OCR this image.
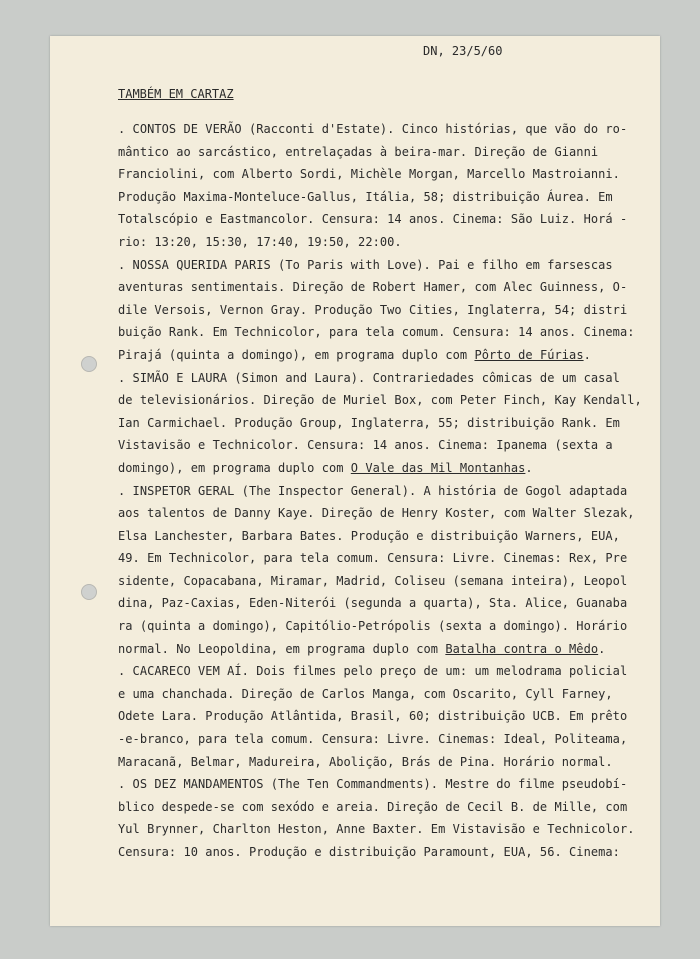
DN, 23/5/60
TAMBÉM EM CARTAZ
. CONTOS DE VERÃO (Racconti d'Estate). Cinco histórias, que vão do ro-
mântico ao sarcástico, entrelaçadas à beira-mar. Direção de Gianni
Franciolini, com Alberto Sordi, Michèle Morgan, Marcello Mastroianni.
Produção Maxima-Monteluce-Gallus, Itália, 58; distribuição Áurea. Em
Totalscópio e Eastmancolor. Censura: 14 anos. Cinema: São Luiz. Horá -
rio: 13:20, 15:30, 17:40, 19:50, 22:00.
. NOSSA QUERIDA PARIS (To Paris with Love). Pai e filho em farsescas
aventuras sentimentais. Direção de Robert Hamer, com Alec Guinness, O-
dile Versois, Vernon Gray. Produção Two Cities, Inglaterra, 54; distri
buição Rank. Em Technicolor, para tela comum. Censura: 14 anos. Cinema:
Pirajá (quinta a domingo), em programa duplo com Pôrto de Fúrias.
. SIMÃO E LAURA (Simon and Laura). Contrariedades cômicas de um casal
de televisionários. Direção de Muriel Box, com Peter Finch, Kay Kendall,
Ian Carmichael. Produção Group, Inglaterra, 55; distribuição Rank. Em
Vistavisão e Technicolor. Censura: 14 anos. Cinema: Ipanema (sexta a
domingo), em programa duplo com O Vale das Mil Montanhas.
. INSPETOR GERAL (The Inspector General). A história de Gogol adaptada
aos talentos de Danny Kaye. Direção de Henry Koster, com Walter Slezak,
Elsa Lanchester, Barbara Bates. Produção e distribuição Warners, EUA,
49. Em Technicolor, para tela comum. Censura: Livre. Cinemas: Rex, Pre
sidente, Copacabana, Miramar, Madrid, Coliseu (semana inteira), Leopol
dina, Paz-Caxias, Eden-Niterói (segunda a quarta), Sta. Alice, Guanaba
ra (quinta a domingo), Capitólio-Petrópolis (sexta a domingo). Horário
normal. No Leopoldina, em programa duplo com Batalha contra o Mêdo.
. CACARECO VEM AÍ. Dois filmes pelo preço de um: um melodrama policial
e uma chanchada. Direção de Carlos Manga, com Oscarito, Cyll Farney,
Odete Lara. Produção Atlântida, Brasil, 60; distribuição UCB. Em prêto
-e-branco, para tela comum. Censura: Livre. Cinemas: Ideal, Politeama,
Maracanã, Belmar, Madureira, Abolição, Brás de Pina. Horário normal.
. OS DEZ MANDAMENTOS (The Ten Commandments). Mestre do filme pseudobí-
blico despede-se com sexódo e areia. Direção de Cecil B. de Mille, com
Yul Brynner, Charlton Heston, Anne Baxter. Em Vistavisão e Technicolor.
Censura: 10 anos. Produção e distribuição Paramount, EUA, 56. Cinema:
